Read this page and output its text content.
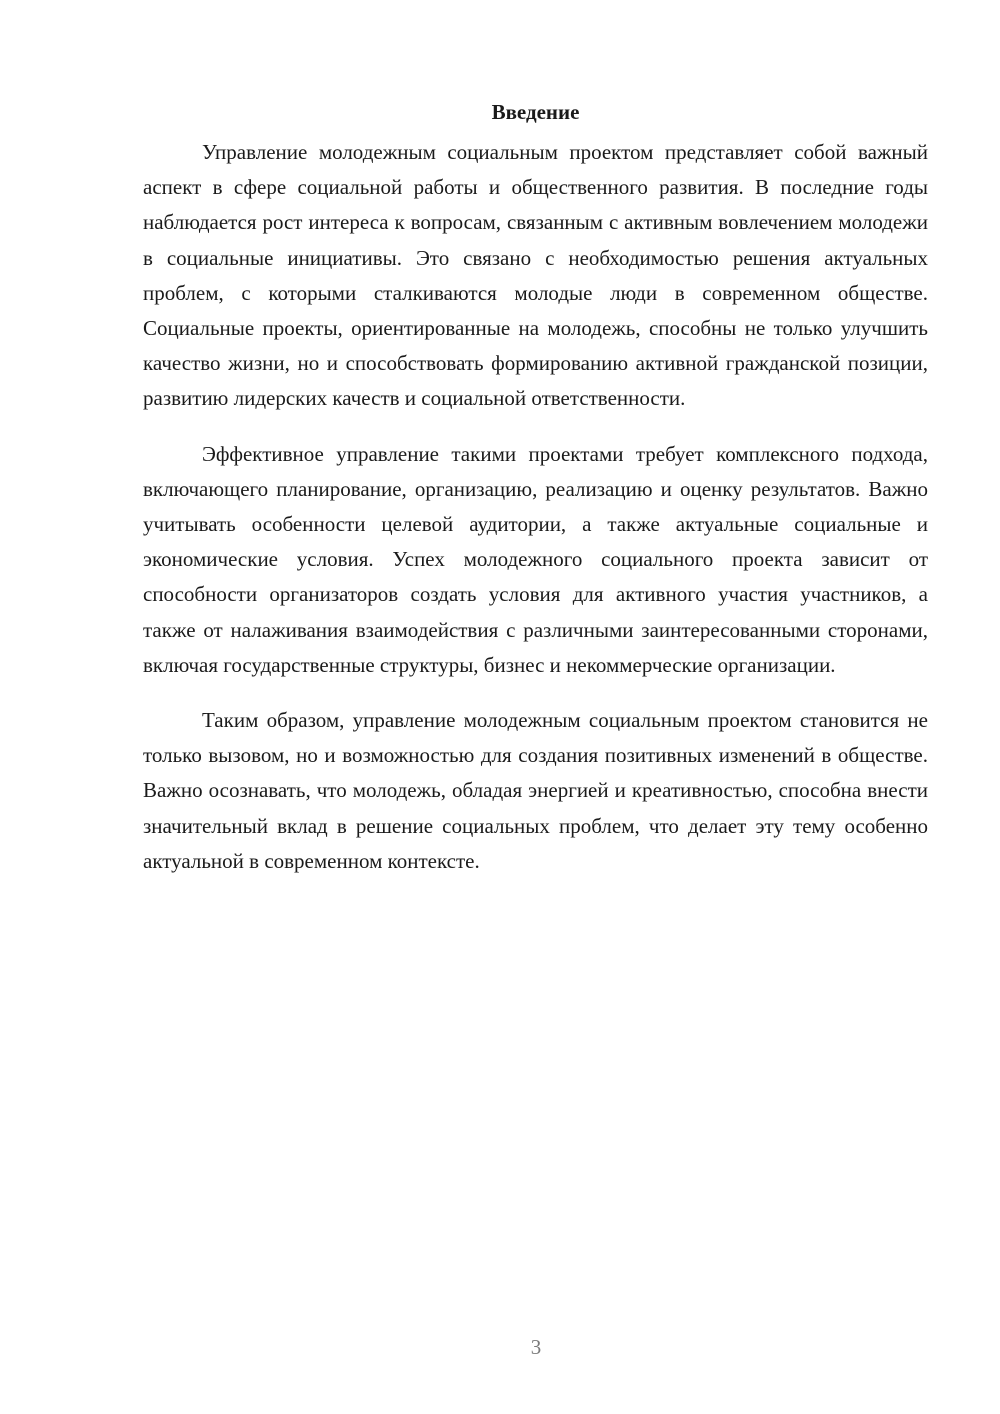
Введение

Управление молодежным социальным проектом представляет собой важный аспект в сфере социальной работы и общественного развития. В последние годы наблюдается рост интереса к вопросам, связанным с активным вовлечением молодежи в социальные инициативы. Это связано с необходимостью решения актуальных проблем, с которыми сталкиваются молодые люди в современном обществе. Социальные проекты, ориентированные на молодежь, способны не только улучшить качество жизни, но и способствовать формированию активной гражданской позиции, развитию лидерских качеств и социальной ответственности.

Эффективное управление такими проектами требует комплексного подхода, включающего планирование, организацию, реализацию и оценку результатов. Важно учитывать особенности целевой аудитории, а также актуальные социальные и экономические условия. Успех молодежного социального проекта зависит от способности организаторов создать условия для активного участия участников, а также от налаживания взаимодействия с различными заинтересованными сторонами, включая государственные структуры, бизнес и некоммерческие организации.

Таким образом, управление молодежным социальным проектом становится не только вызовом, но и возможностью для создания позитивных изменений в обществе. Важно осознавать, что молодежь, обладая энергией и креативностью, способна внести значительный вклад в решение социальных проблем, что делает эту тему особенно актуальной в современном контексте.

3
